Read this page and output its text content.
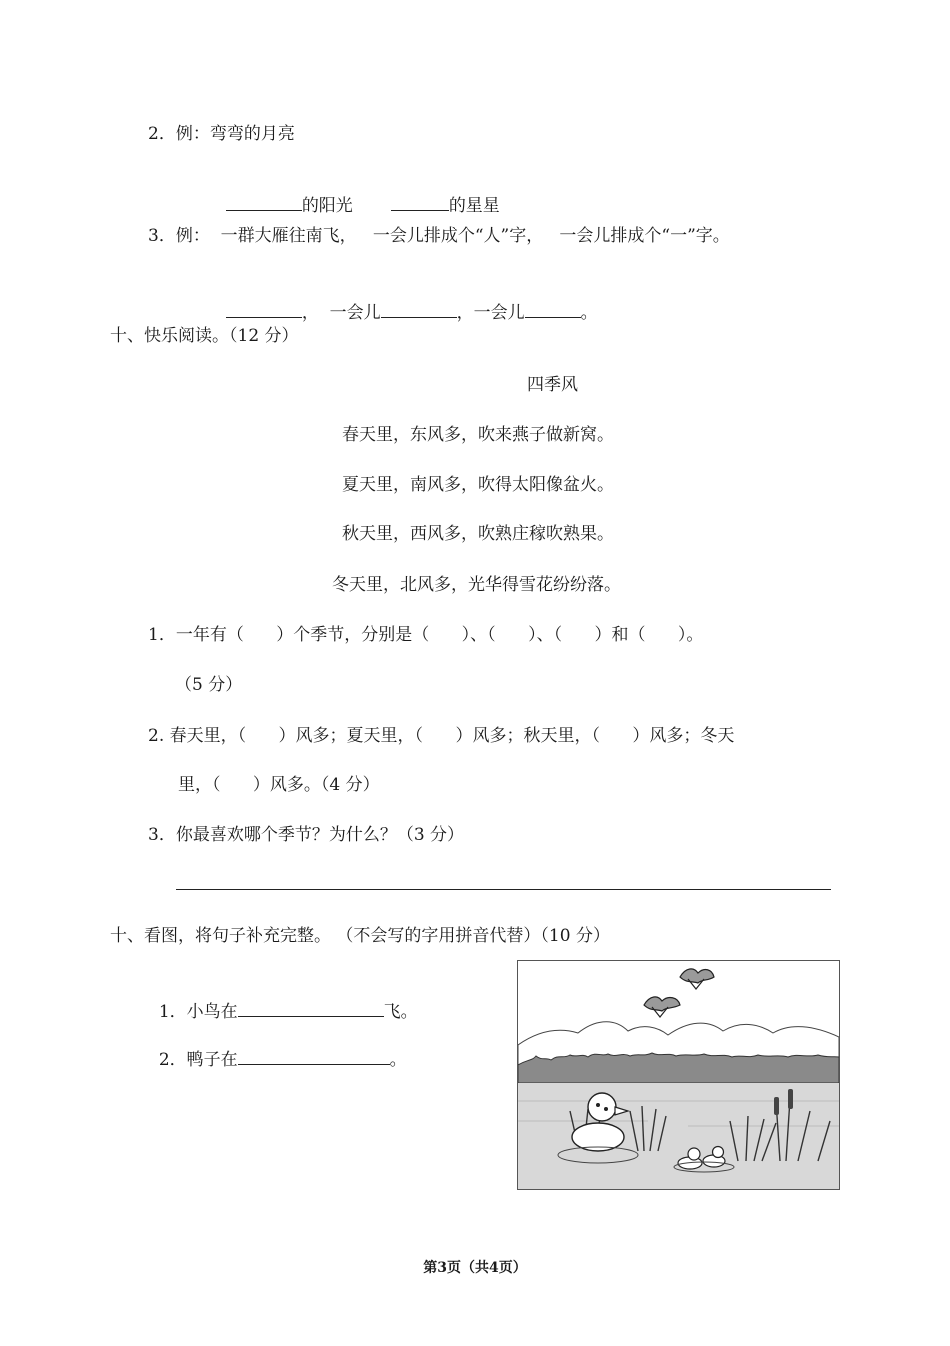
2．例：弯弯的月亮

的阳光	的星星

3．例：  一群大雁往南飞，   一会儿排成个“人”字，   一会儿排成个“一”字。

，  一会儿	，一会儿	。

十、快乐阅读。（12 分）
四季风
春天里，东风多，吹来燕子做新窝。
夏天里，南风多，吹得太阳像盆火。
秋天里，西风多，吹熟庄稼吹熟果。
冬天里，北风多，光华得雪花纷纷落。
1．一年有（      ）个季节，分别是（      ）、（      ）、（      ）和（      ）。
（5 分）
2. 春天里，（      ）风多；夏天里，（      ）风多；秋天里，（      ）风多；冬天
里，（      ）风多。（4 分）
3．你最喜欢哪个季节？为什么？（3 分）
十、看图，将句子补充完整。 （不会写的字用拼音代替）（10 分）

1．小鸟在	飞。

2．鸭子在	。

第3页（共4页）
